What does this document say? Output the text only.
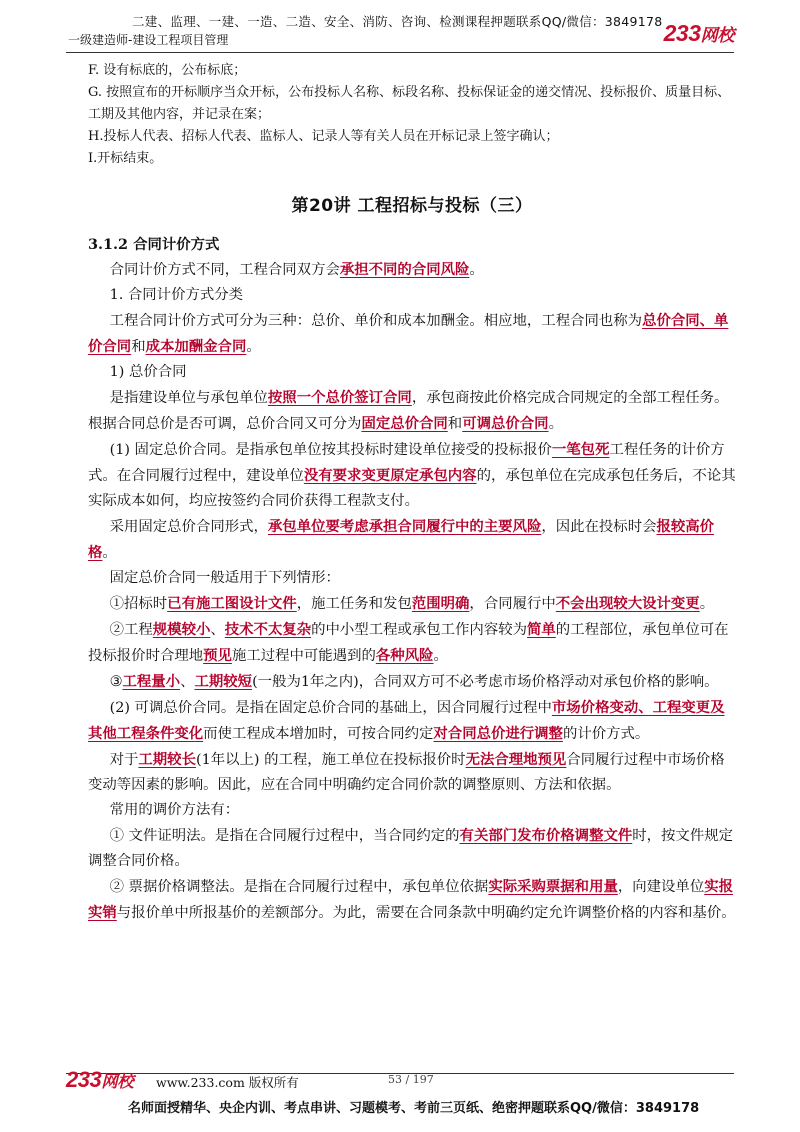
二建、监理、一建、一造、二造、安全、消防、咨询、检测课程押题联系QQ/微信：3849178
一级建造师-建设工程项目管理	233网校

F. 设有标底的，公布标底；

G. 按照宣布的开标顺序当众开标，公布投标人名称、标段名称、投标保证金的递交情况、投标报价、质量目标、工期及其他内容，并记录在案；

H.投标人代表、招标人代表、监标人、记录人等有关人员在开标记录上签字确认；

I.开标结束。

第20讲 工程招标与投标（三）

3.1.2 合同计价方式

合同计价方式不同，工程合同双方会承担不同的合同风险。

1. 合同计价方式分类

工程合同计价方式可分为三种：总价、单价和成本加酬金。相应地，工程合同也称为总价合同、单价合同和成本加酬金合同。

1) 总价合同

是指建设单位与承包单位按照一个总价签订合同，承包商按此价格完成合同规定的全部工程任务。根据合同总价是否可调，总价合同又可分为固定总价合同和可调总价合同。

(1) 固定总价合同。是指承包单位按其投标时建设单位接受的投标报价一笔包死工程任务的计价方式。在合同履行过程中，建设单位没有要求变更原定承包内容的，承包单位在完成承包任务后，不论其实际成本如何，均应按签约合同价获得工程款支付。

采用固定总价合同形式，承包单位要考虑承担合同履行中的主要风险，因此在投标时会报较高价格。

固定总价合同一般适用于下列情形：

①招标时已有施工图设计文件，施工任务和发包范围明确，合同履行中不会出现较大设计变更。

②工程规模较小、技术不太复杂的中小型工程或承包工作内容较为简单的工程部位，承包单位可在投标报价时合理地预见施工过程中可能遇到的各种风险。

③工程量小、工期较短(一般为1年之内)，合同双方可不必考虑市场价格浮动对承包价格的影响。

(2) 可调总价合同。是指在固定总价合同的基础上，因合同履行过程中市场价格变动、工程变更及其他工程条件变化而使工程成本增加时，可按合同约定对合同总价进行调整的计价方式。

对于工期较长(1年以上) 的工程，施工单位在投标报价时无法合理地预见合同履行过程中市场价格变动等因素的影响。因此，应在合同中明确约定合同价款的调整原则、方法和依据。

常用的调价方法有：

① 文件证明法。是指在合同履行过程中，当合同约定的有关部门发布价格调整文件时，按文件规定调整合同价格。

② 票据价格调整法。是指在合同履行过程中，承包单位依据实际采购票据和用量，向建设单位实报实销与报价单中所报基价的差额部分。为此，需要在合同条款中明确约定允许调整价格的内容和基价。

233网校 www.233.com 版权所有	53 / 197
名师面授精华、央企内训、考点串讲、习题模考、考前三页纸、绝密押题联系QQ/微信：3849178
